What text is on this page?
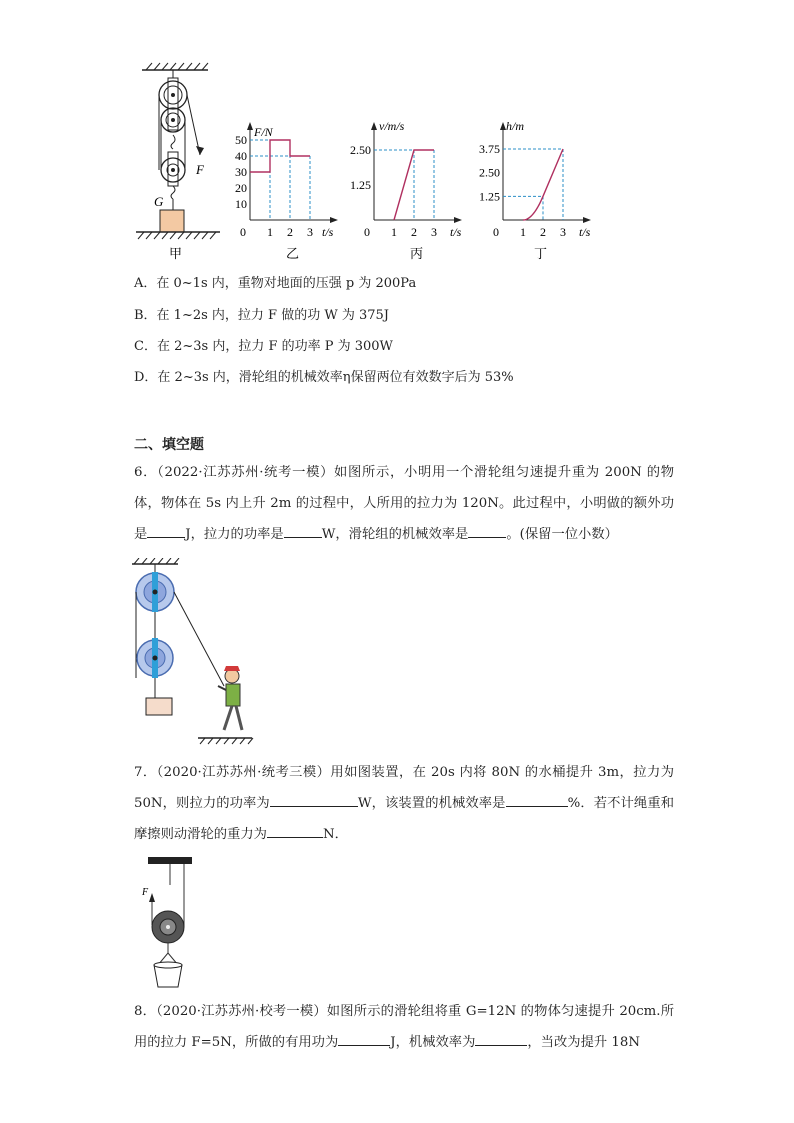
F
G
甲
F/N
t/s
50
40
30
20
10
0 1 2 3
乙
v/m/s
t/s
2.50
1.25
0 1 2 3
丙
h/m
t/s
3.75
2.50
1.25
0 1 2 3
丁
A．在 0~1s 内，重物对地面的压强 p 为 200Pa
B．在 1~2s 内，拉力 F 做的功 W 为 375J
C．在 2~3s 内，拉力 F 的功率 P 为 300W
D．在 2~3s 内，滑轮组的机械效率η保留两位有效数字后为 53%
二、填空题
6．（2022·江苏苏州·统考一模）如图所示，小明用一个滑轮组匀速提升重为 200N 的物体，物体在 5s 内上升 2m 的过程中，人所用的拉力为 120N。此过程中，小明做的额外功是	J，拉力的功率是	W，滑轮组的机械效率是	。(保留一位小数）
7．（2020·江苏苏州·统考三模）用如图装置，在 20s 内将 80N 的水桶提升 3m，拉力为 50N，则拉力的功率为	W，该装置的机械效率是	%．若不计绳重和摩擦则动滑轮的重力为	N．
F
8．（2020·江苏苏州·校考一模）如图所示的滑轮组将重 G=12N 的物体匀速提升 20cm.所用的拉力 F=5N，所做的有用功为	J，机械效率为	，当改为提升 18N
